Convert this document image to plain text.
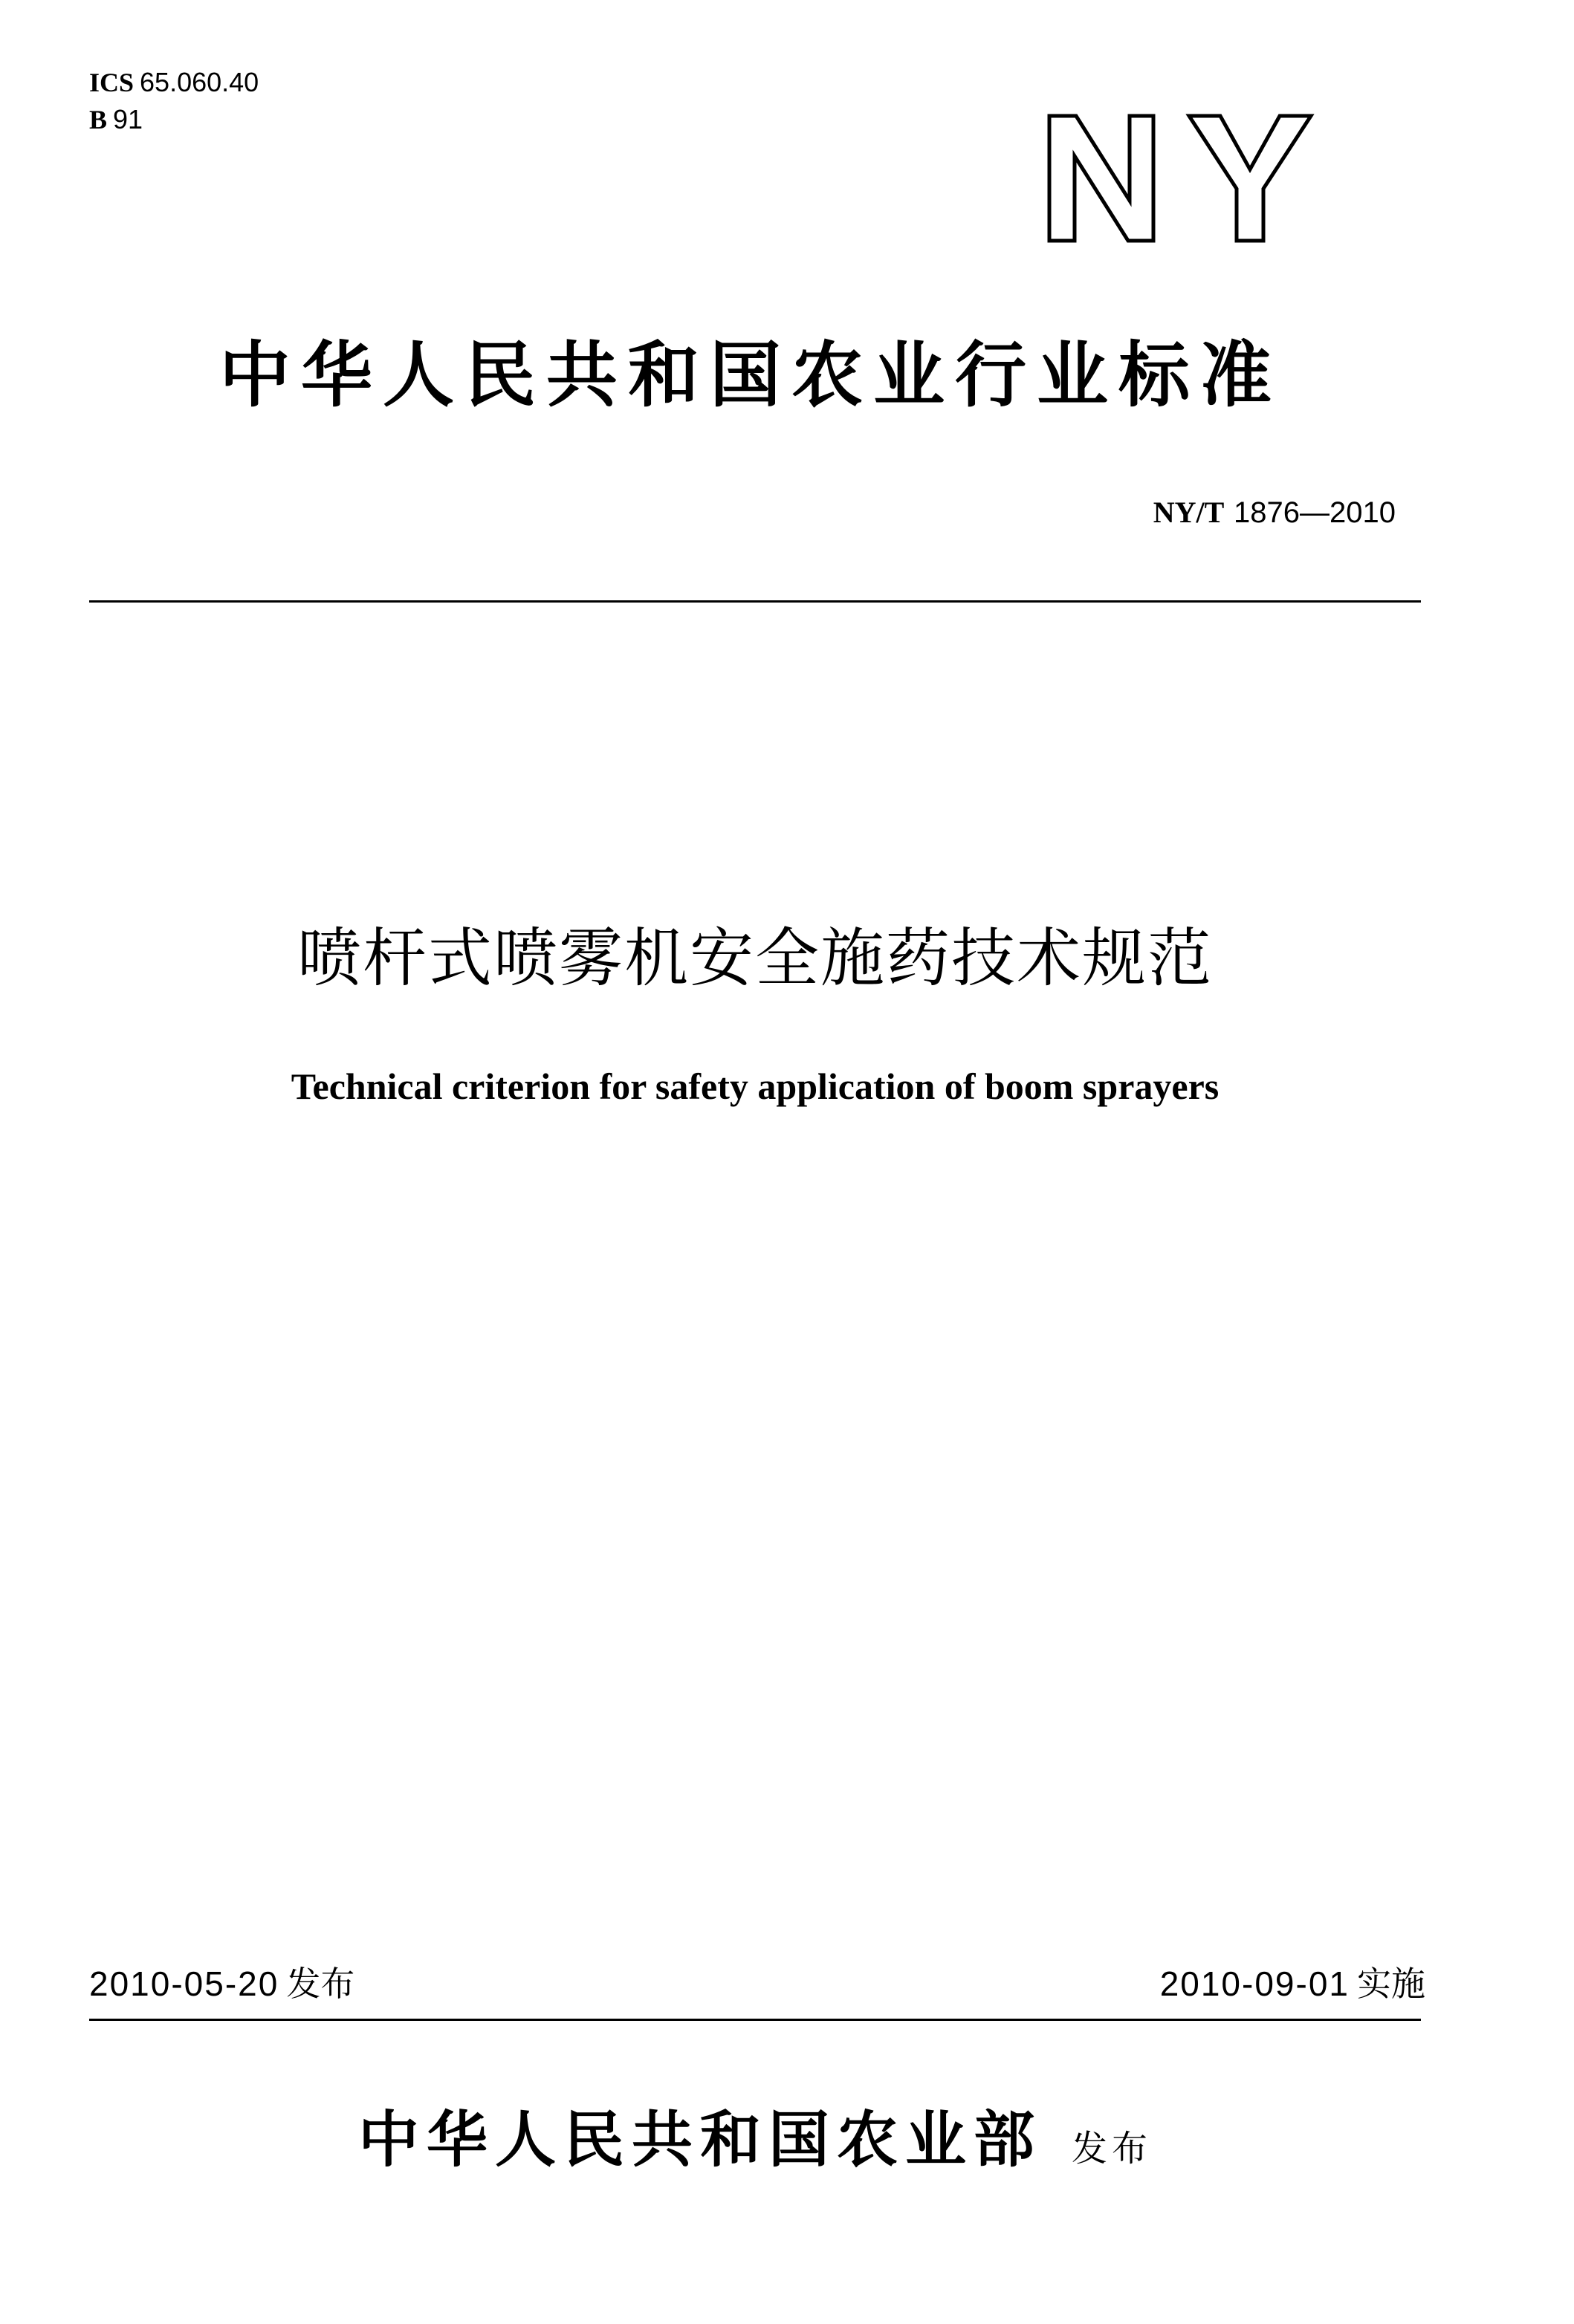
ICS 65.060.40
B 91
NY
中华人民共和国农业行业标准
NY/T 1876—2010
喷杆式喷雾机安全施药技术规范
Technical criterion for safety application of boom sprayers
2010-05-20 发布	2010-09-01 实施
中华人民共和国农业部 发布
